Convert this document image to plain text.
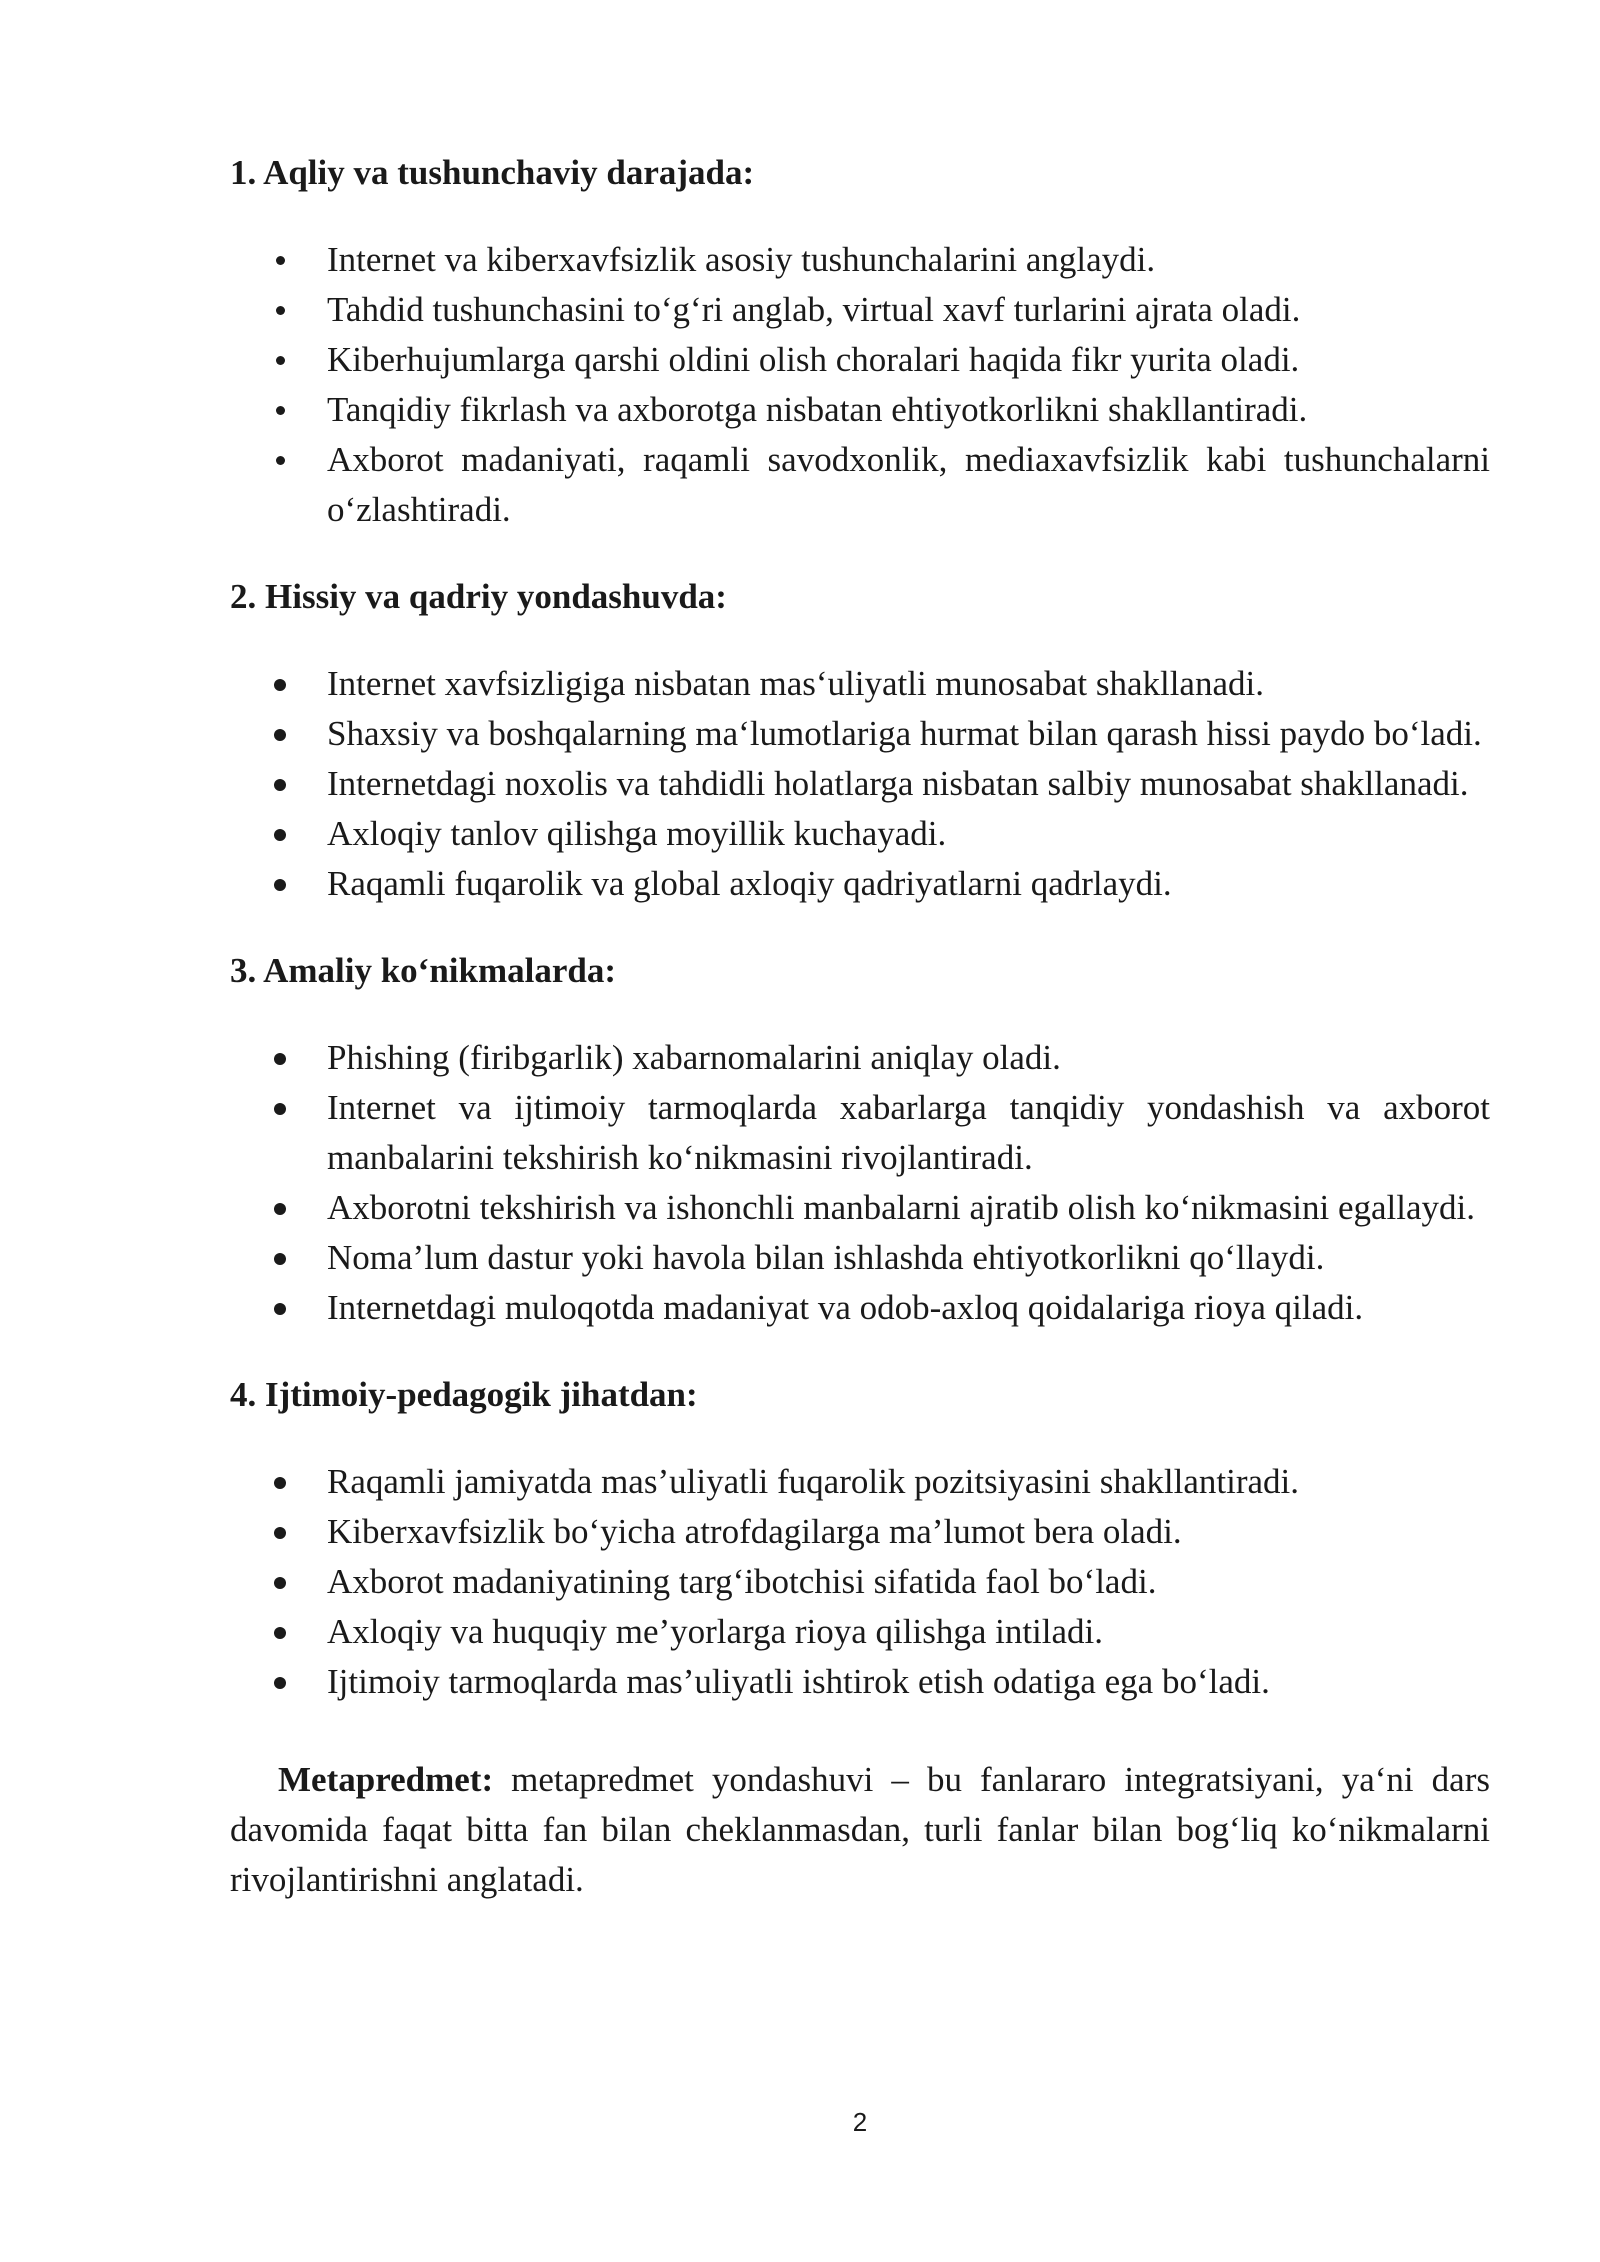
1. Aqliy va tushunchaviy darajada:
Internet va kiberxavfsizlik asosiy tushunchalarini anglaydi.
Tahdid tushunchasini to‘g‘ri anglab, virtual xavf turlarini ajrata oladi.
Kiberhujumlarga qarshi oldini olish choralari haqida fikr yurita oladi.
Tanqidiy fikrlash va axborotga nisbatan ehtiyotkorlikni shakllantiradi.
Axborot madaniyati, raqamli savodxonlik, mediaxavfsizlik kabi tushunchalarni o‘zlashtiradi.
2. Hissiy va qadriy yondashuvda:
Internet xavfsizligiga nisbatan mas‘uliyatli munosabat shakllanadi.
Shaxsiy va boshqalarning ma‘lumotlariga hurmat bilan qarash hissi paydo bo‘ladi.
Internetdagi noxolis va tahdidli holatlarga nisbatan salbiy munosabat shakllanadi.
Axloqiy tanlov qilishga moyillik kuchayadi.
Raqamli fuqarolik va global axloqiy qadriyatlarni qadrlaydi.
3. Amaliy ko‘nikmalarda:
Phishing (firibgarlik) xabarnomalarini aniqlay oladi.
Internet va ijtimoiy tarmoqlarda xabarlarga tanqidiy yondashish va axborot manbalarini tekshirish ko‘nikmasini rivojlantiradi.
Axborotni tekshirish va ishonchli manbalarni ajratib olish ko‘nikmasini egallaydi.
Noma’lum dastur yoki havola bilan ishlashda ehtiyotkorlikni qo‘llaydi.
Internetdagi muloqotda madaniyat va odob-axloq qoidalariga rioya qiladi.
4. Ijtimoiy-pedagogik jihatdan:
Raqamli jamiyatda mas’uliyatli fuqarolik pozitsiyasini shakllantiradi.
Kiberxavfsizlik bo‘yicha atrofdagilarga ma’lumot bera oladi.
Axborot madaniyatining targ‘ibotchisi sifatida faol bo‘ladi.
Axloqiy va huquqiy me’yorlarga rioya qilishga intiladi.
Ijtimoiy tarmoqlarda mas’uliyatli ishtirok etish odatiga ega bo‘ladi.

Metapredmet: metapredmet yondashuvi – bu fanlararo integratsiyani, ya‘ni dars davomida faqat bitta fan bilan cheklanmasdan, turli fanlar bilan bog‘liq ko‘nikmalarni rivojlantirishni anglatadi.

2
